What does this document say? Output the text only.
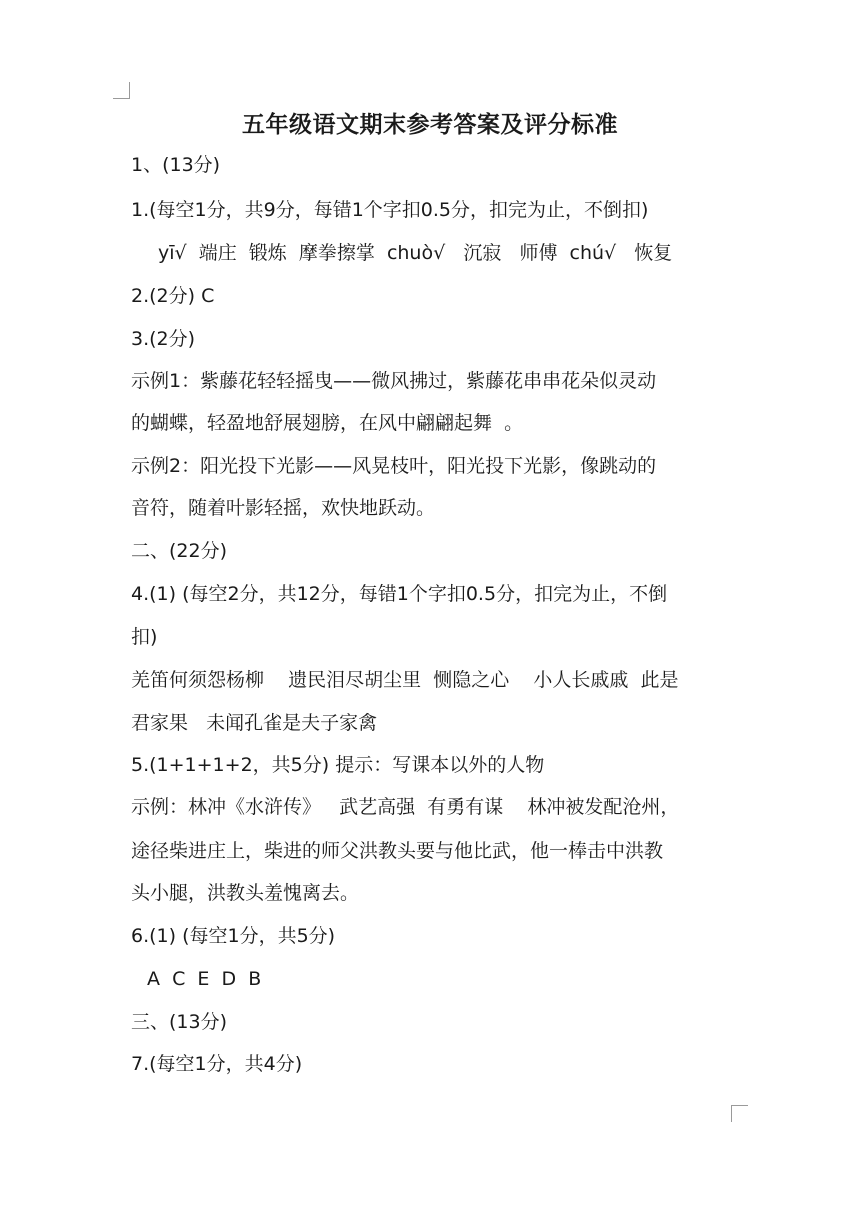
五年级语文期末参考答案及评分标准
1、(13分)
1.(每空1分，共9分，每错1个字扣0.5分，扣完为止，不倒扣)
yī√  端庄  锻炼  摩拳擦掌  chuò√   沉寂   师傅  chú√   恢复
2.(2分) C
3.(2分)
示例1：紫藤花轻轻摇曳——微风拂过，紫藤花串串花朵似灵动
的蝴蝶，轻盈地舒展翅膀，在风中翩翩起舞  。
示例2：阳光投下光影——风晃枝叶，阳光投下光影，像跳动的
音符，随着叶影轻摇，欢快地跃动。
二、(22分)
4.(1) (每空2分，共12分，每错1个字扣0.5分，扣完为止，不倒
扣)
羌笛何须怨杨柳    遗民泪尽胡尘里  恻隐之心    小人长戚戚  此是
君家果   未闻孔雀是夫子家禽
5.(1+1+1+2，共5分) 提示：写课本以外的人物
示例：林冲《水浒传》   武艺高强  有勇有谋    林冲被发配沧州，
途径柴进庄上，柴进的师父洪教头要与他比武，他一棒击中洪教
头小腿，洪教头羞愧离去。
6.(1) (每空1分，共5分)
A  C  E  D  B
三、(13分)
7.(每空1分，共4分)
